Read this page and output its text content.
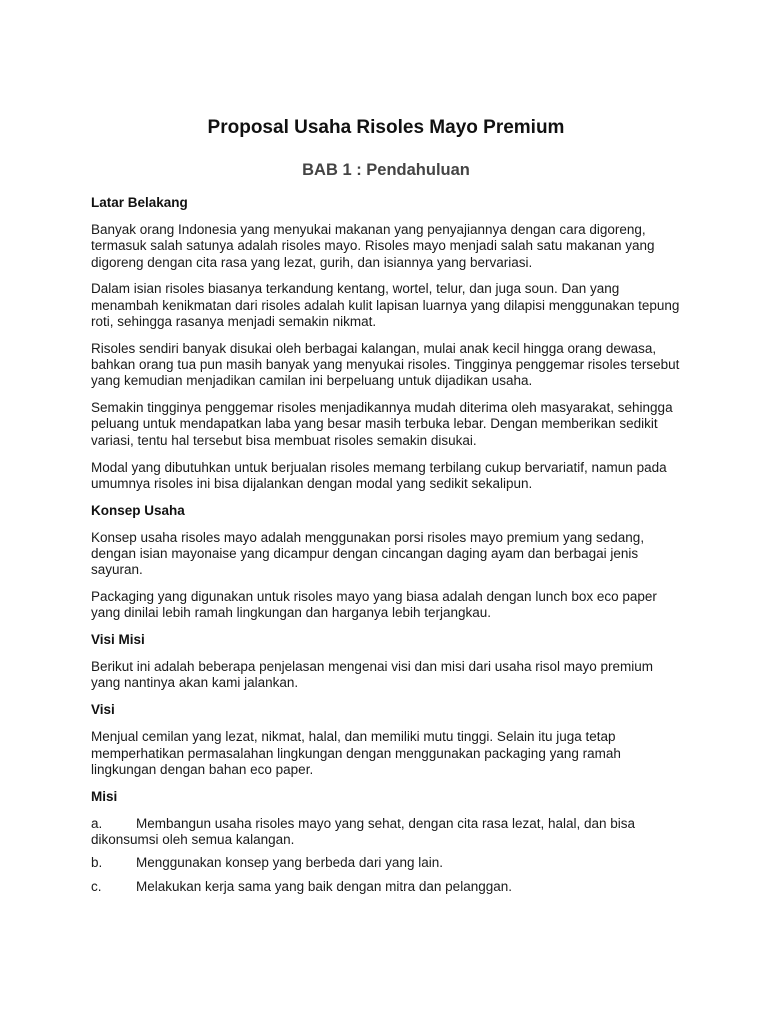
Proposal Usaha Risoles Mayo Premium
BAB 1 : Pendahuluan

Latar Belakang

Banyak orang Indonesia yang menyukai makanan yang penyajiannya dengan cara digoreng, termasuk salah satunya adalah risoles mayo. Risoles mayo menjadi salah satu makanan yang digoreng dengan cita rasa yang lezat, gurih, dan isiannya yang bervariasi.

Dalam isian risoles biasanya terkandung kentang, wortel, telur, dan juga soun. Dan yang menambah kenikmatan dari risoles adalah kulit lapisan luarnya yang dilapisi menggunakan tepung roti, sehingga rasanya menjadi semakin nikmat.

Risoles sendiri banyak disukai oleh berbagai kalangan, mulai anak kecil hingga orang dewasa, bahkan orang tua pun masih banyak yang menyukai risoles. Tingginya penggemar risoles tersebut yang kemudian menjadikan camilan ini berpeluang untuk dijadikan usaha.

Semakin tingginya penggemar risoles menjadikannya mudah diterima oleh masyarakat, sehingga peluang untuk mendapatkan laba yang besar masih terbuka lebar. Dengan memberikan sedikit variasi, tentu hal tersebut bisa membuat risoles semakin disukai.

Modal yang dibutuhkan untuk berjualan risoles memang terbilang cukup bervariatif, namun pada umumnya risoles ini bisa dijalankan dengan modal yang sedikit sekalipun.

Konsep Usaha

Konsep usaha risoles mayo adalah menggunakan porsi risoles mayo premium yang sedang, dengan isian mayonaise yang dicampur dengan cincangan daging ayam dan berbagai jenis sayuran.

Packaging yang digunakan untuk risoles mayo yang biasa adalah dengan lunch box eco paper yang dinilai lebih ramah lingkungan dan harganya lebih terjangkau.

Visi Misi

Berikut ini adalah beberapa penjelasan mengenai visi dan misi dari usaha risol mayo premium yang nantinya akan kami jalankan.

Visi

Menjual cemilan yang lezat, nikmat, halal, dan memiliki mutu tinggi. Selain itu juga tetap memperhatikan permasalahan lingkungan dengan menggunakan packaging yang ramah lingkungan dengan bahan eco paper.

Misi

a. Membangun usaha risoles mayo yang sehat, dengan cita rasa lezat, halal, dan bisa dikonsumsi oleh semua kalangan.

b. Menggunakan konsep yang berbeda dari yang lain.

c.	Melakukan kerja sama yang baik dengan mitra dan pelanggan.
